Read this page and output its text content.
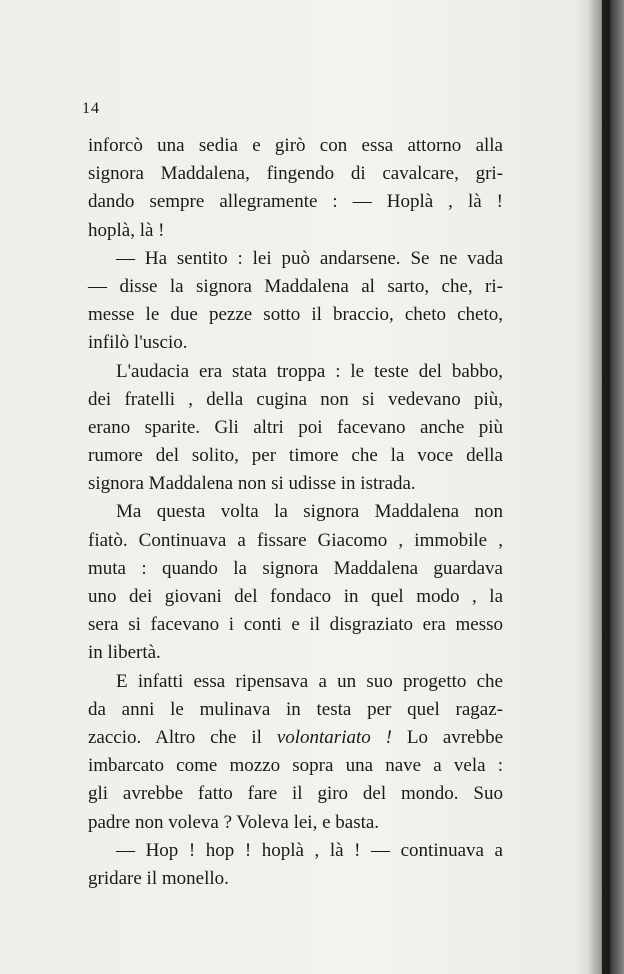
14
inforcò una sedia e girò con essa attorno alla
signora Maddalena, fingendo di cavalcare, gri-
dando sempre allegramente : — Hoplà , là !
hoplà, là !
— Ha sentito : lei può andarsene. Se ne vada
— disse la signora Maddalena al sarto, che, ri-
messe le due pezze sotto il braccio, cheto cheto,
infilò l'uscio.
L'audacia era stata troppa : le teste del babbo,
dei fratelli , della cugina non si vedevano più,
erano sparite. Gli altri poi facevano anche più
rumore del solito, per timore che la voce della
signora Maddalena non si udisse in istrada.
Ma questa volta la signora Maddalena non
fiatò. Continuava a fissare Giacomo , immobile ,
muta : quando la signora Maddalena guardava
uno dei giovani del fondaco in quel modo , la
sera si facevano i conti e il disgraziato era messo
in libertà.
E infatti essa ripensava a un suo progetto che
da anni le mulinava in testa per quel ragaz-
zaccio. Altro che il volontariato ! Lo avrebbe
imbarcato come mozzo sopra una nave a vela :
gli avrebbe fatto fare il giro del mondo. Suo
padre non voleva ? Voleva lei, e basta.
— Hop ! hop ! hoplà , là ! — continuava a
gridare il monello.
